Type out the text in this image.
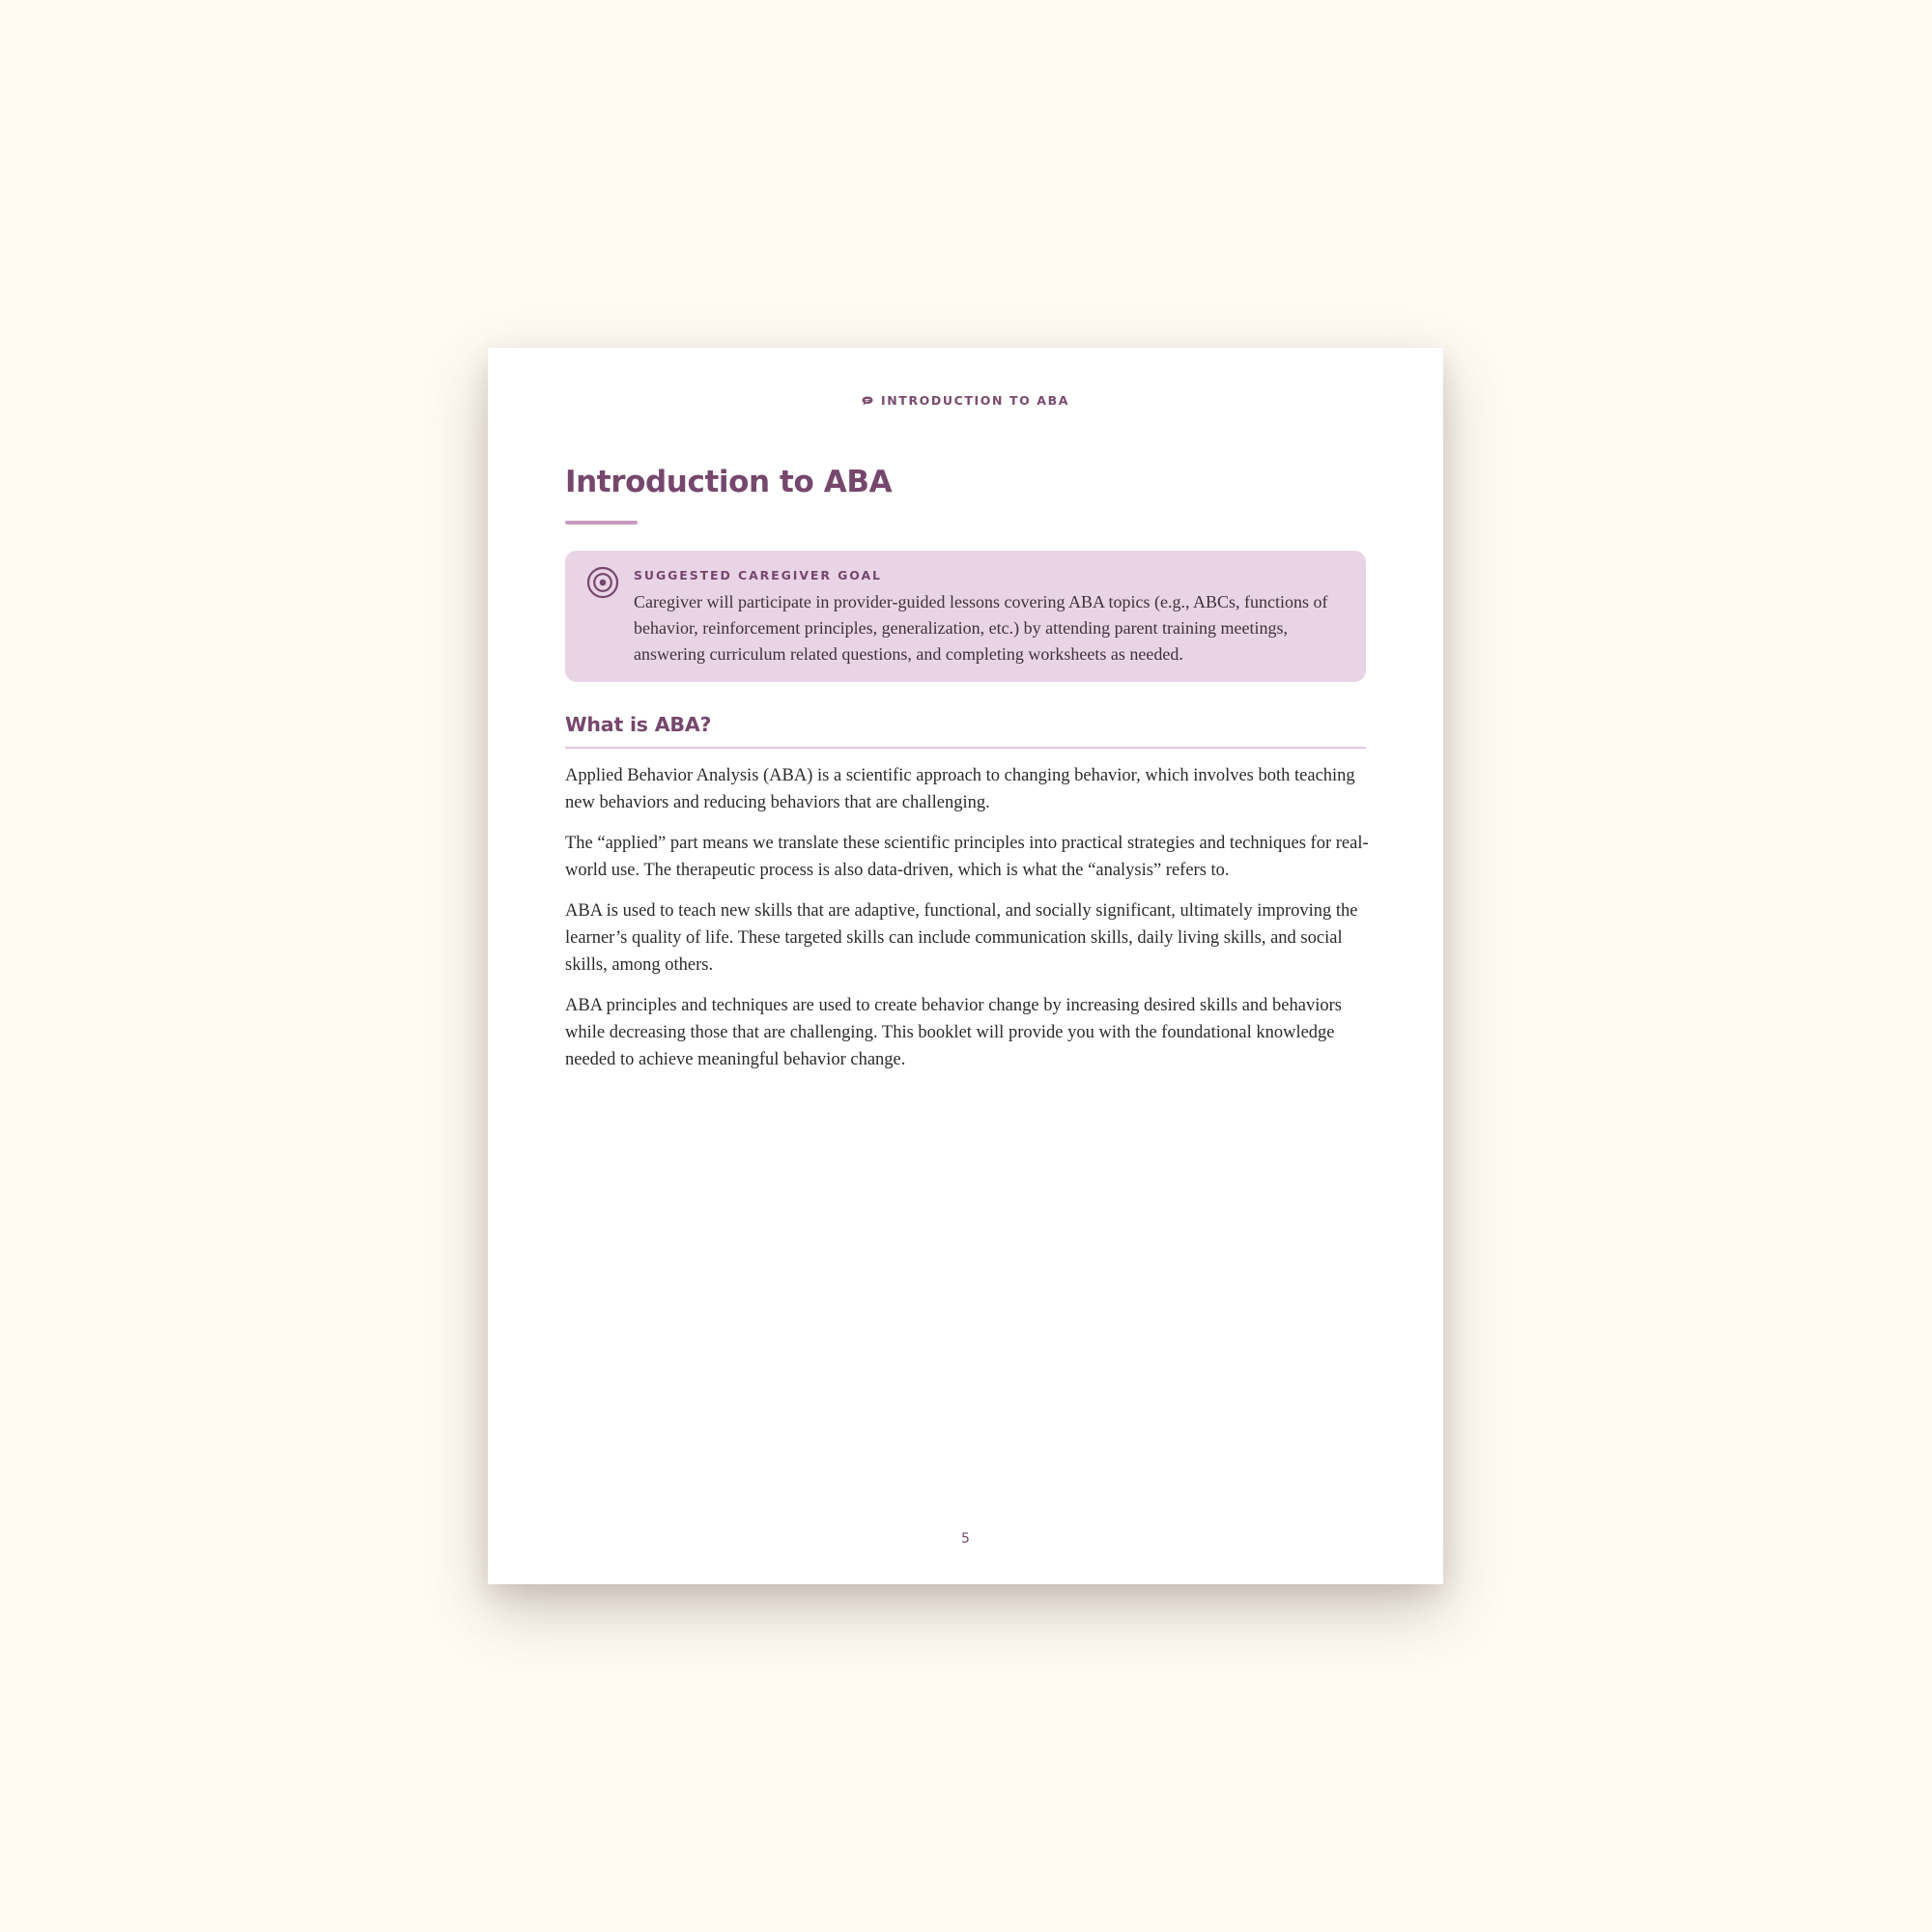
INTRODUCTION TO ABA
Introduction to ABA
SUGGESTED CAREGIVER GOAL

Caregiver will participate in provider-guided lessons covering ABA topics (e.g., ABCs, functions of behavior, reinforcement principles, generalization, etc.) by attending parent training meetings, answering curriculum related questions, and completing worksheets as needed.

What is ABA?

Applied Behavior Analysis (ABA) is a scientific approach to changing behavior, which involves both teaching new behaviors and reducing behaviors that are challenging.

The “applied” part means we translate these scientific principles into practical strategies and techniques for real-world use. The therapeutic process is also data-driven, which is what the “analysis” refers to.

ABA is used to teach new skills that are adaptive, functional, and socially significant, ultimately improving the learner’s quality of life. These targeted skills can include communication skills, daily living skills, and social skills, among others.

ABA principles and techniques are used to create behavior change by increasing desired skills and behaviors while decreasing those that are challenging. This booklet will provide you with the foundational knowledge needed to achieve meaningful behavior change.

5
